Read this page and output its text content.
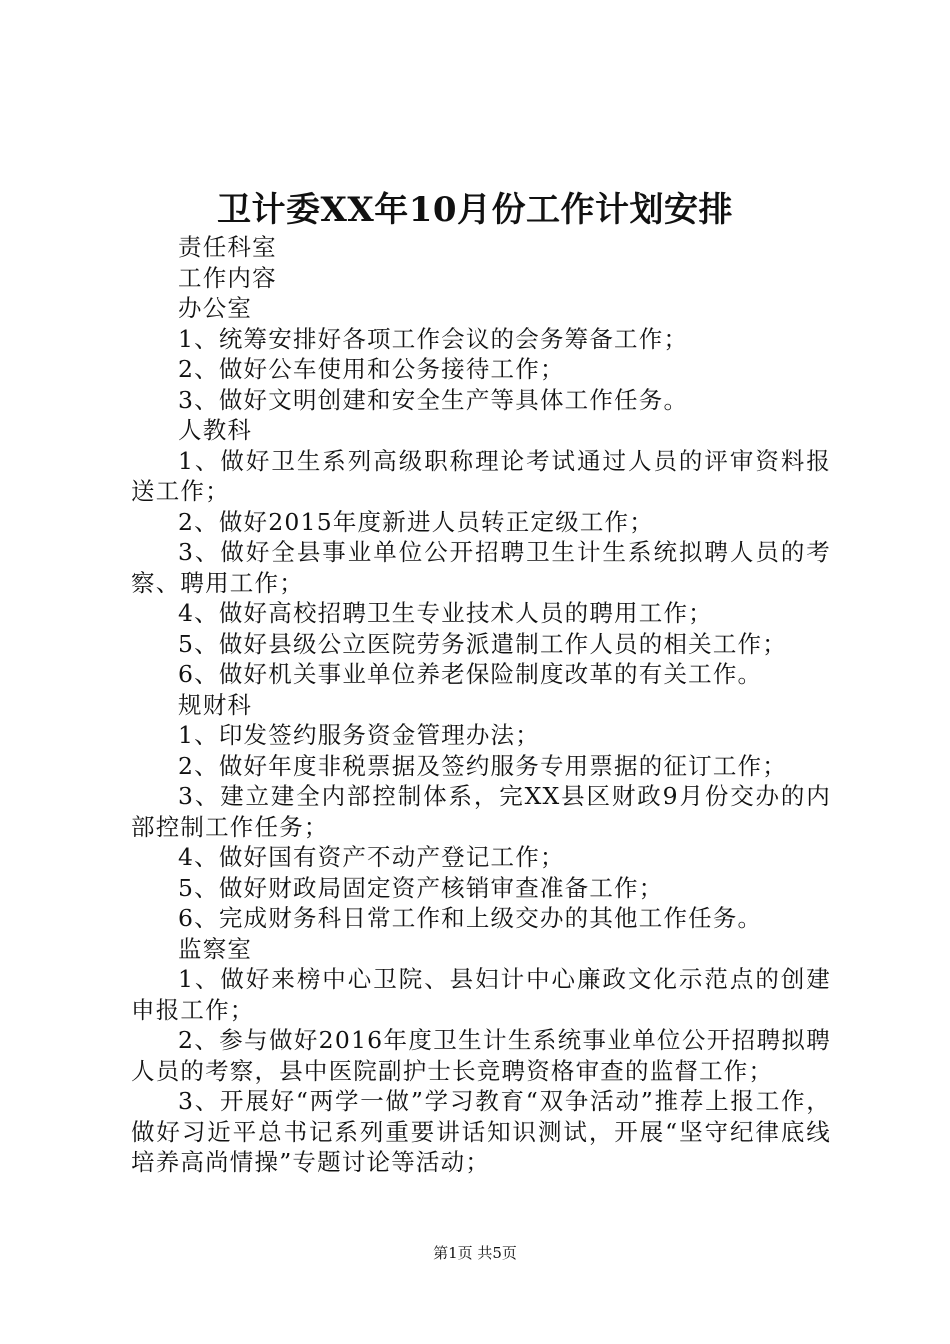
卫计委XX年10月份工作计划安排

责任科室

工作内容

办公室

1、统筹安排好各项工作会议的会务筹备工作；

2、做好公车使用和公务接待工作；

3、做好文明创建和安全生产等具体工作任务。

人教科

1、做好卫生系列高级职称理论考试通过人员的评审资料报送工作；

2、做好2015年度新进人员转正定级工作；

3、做好全县事业单位公开招聘卫生计生系统拟聘人员的考察、聘用工作；

4、做好高校招聘卫生专业技术人员的聘用工作；

5、做好县级公立医院劳务派遣制工作人员的相关工作；

6、做好机关事业单位养老保险制度改革的有关工作。

规财科

1、印发签约服务资金管理办法；

2、做好年度非税票据及签约服务专用票据的征订工作；

3、建立建全内部控制体系，完XX县区财政9月份交办的内部控制工作任务；

4、做好国有资产不动产登记工作；

5、做好财政局固定资产核销审查准备工作；

6、完成财务科日常工作和上级交办的其他工作任务。

监察室

1、做好来榜中心卫院、县妇计中心廉政文化示范点的创建申报工作；

2、参与做好2016年度卫生计生系统事业单位公开招聘拟聘人员的考察，县中医院副护士长竞聘资格审查的监督工作；

3、开展好“两学一做”学习教育“双争活动”推荐上报工作，做好习近平总书记系列重要讲话知识测试，开展“坚守纪律底线培养高尚情操”专题讨论等活动；

第1页 共5页
